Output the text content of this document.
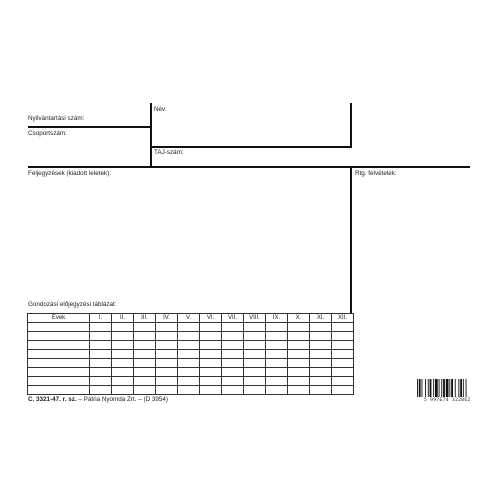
Nyilvántartási szám:
Név:
Csoportszám:
TAJ-szám:
Feljegyzések (kiadott leletek):	Rtg. felvételek:
Gondozási előjegyzési táblázat:
Évek	I.	II.	III.	IV.	V.	VI.	VII.	VIII.	IX.	X.	XI.	XII.

C. 3321-47. r. sz. – Pátria Nyomda Zrt. – (D 3954)	5 997674 322062
